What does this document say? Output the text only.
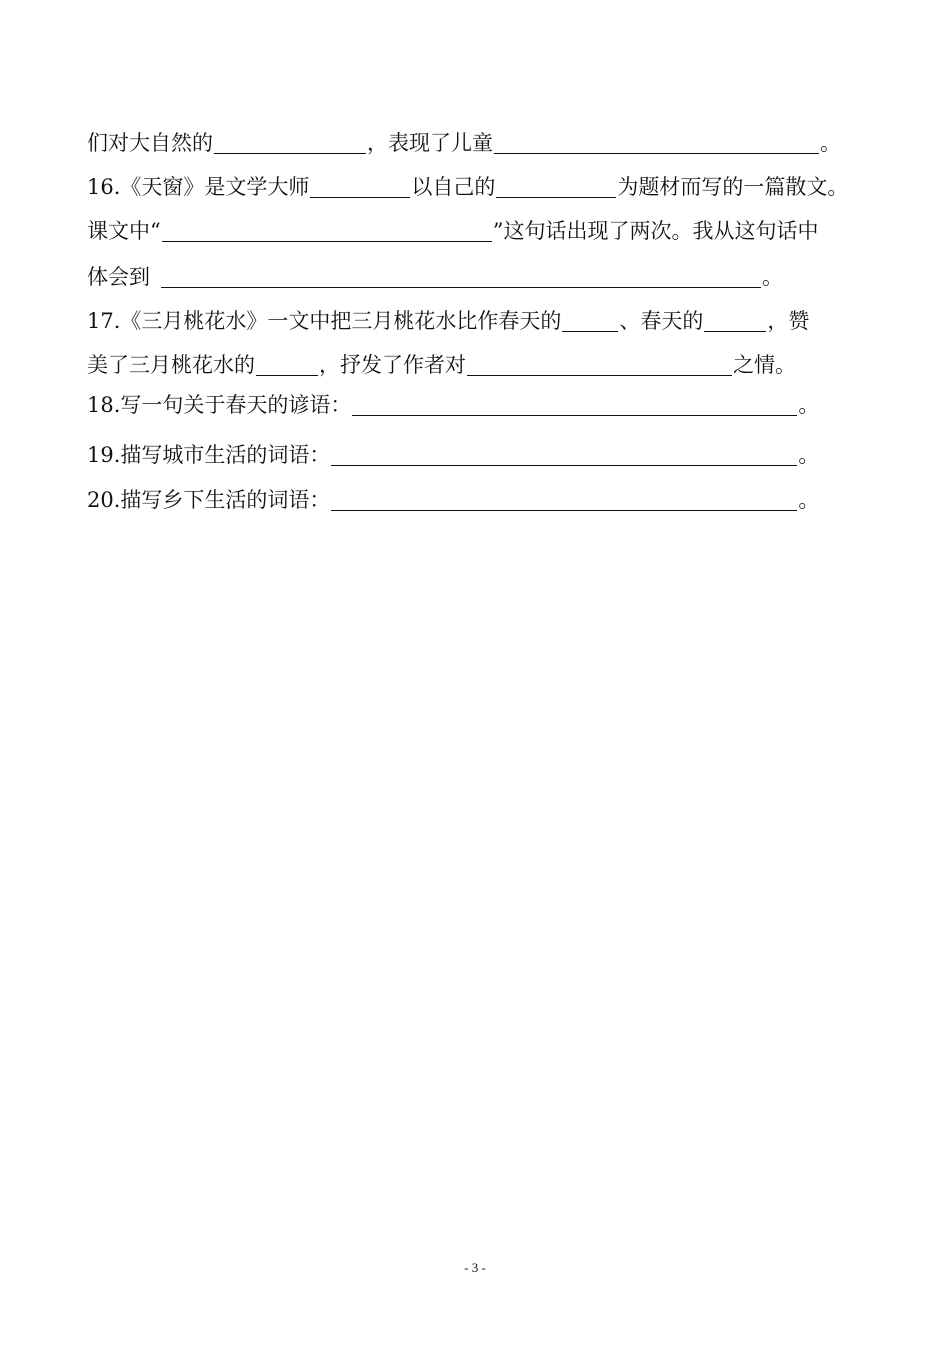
们对大自然的	，表现了儿童	。
16.《天窗》是文学大师	以自己的	为题材而写的一篇散文。
课文中“	”这句话出现了两次。我从这句话中
体会到	。
17.《三月桃花水》一文中把三月桃花水比作春天的	、春天的	，赞
美了三月桃花水的	，抒发了作者对	之情。
18.写一句关于春天的谚语：	。
19.描写城市生活的词语：	。
20.描写乡下生活的词语：	。
- 3 -
